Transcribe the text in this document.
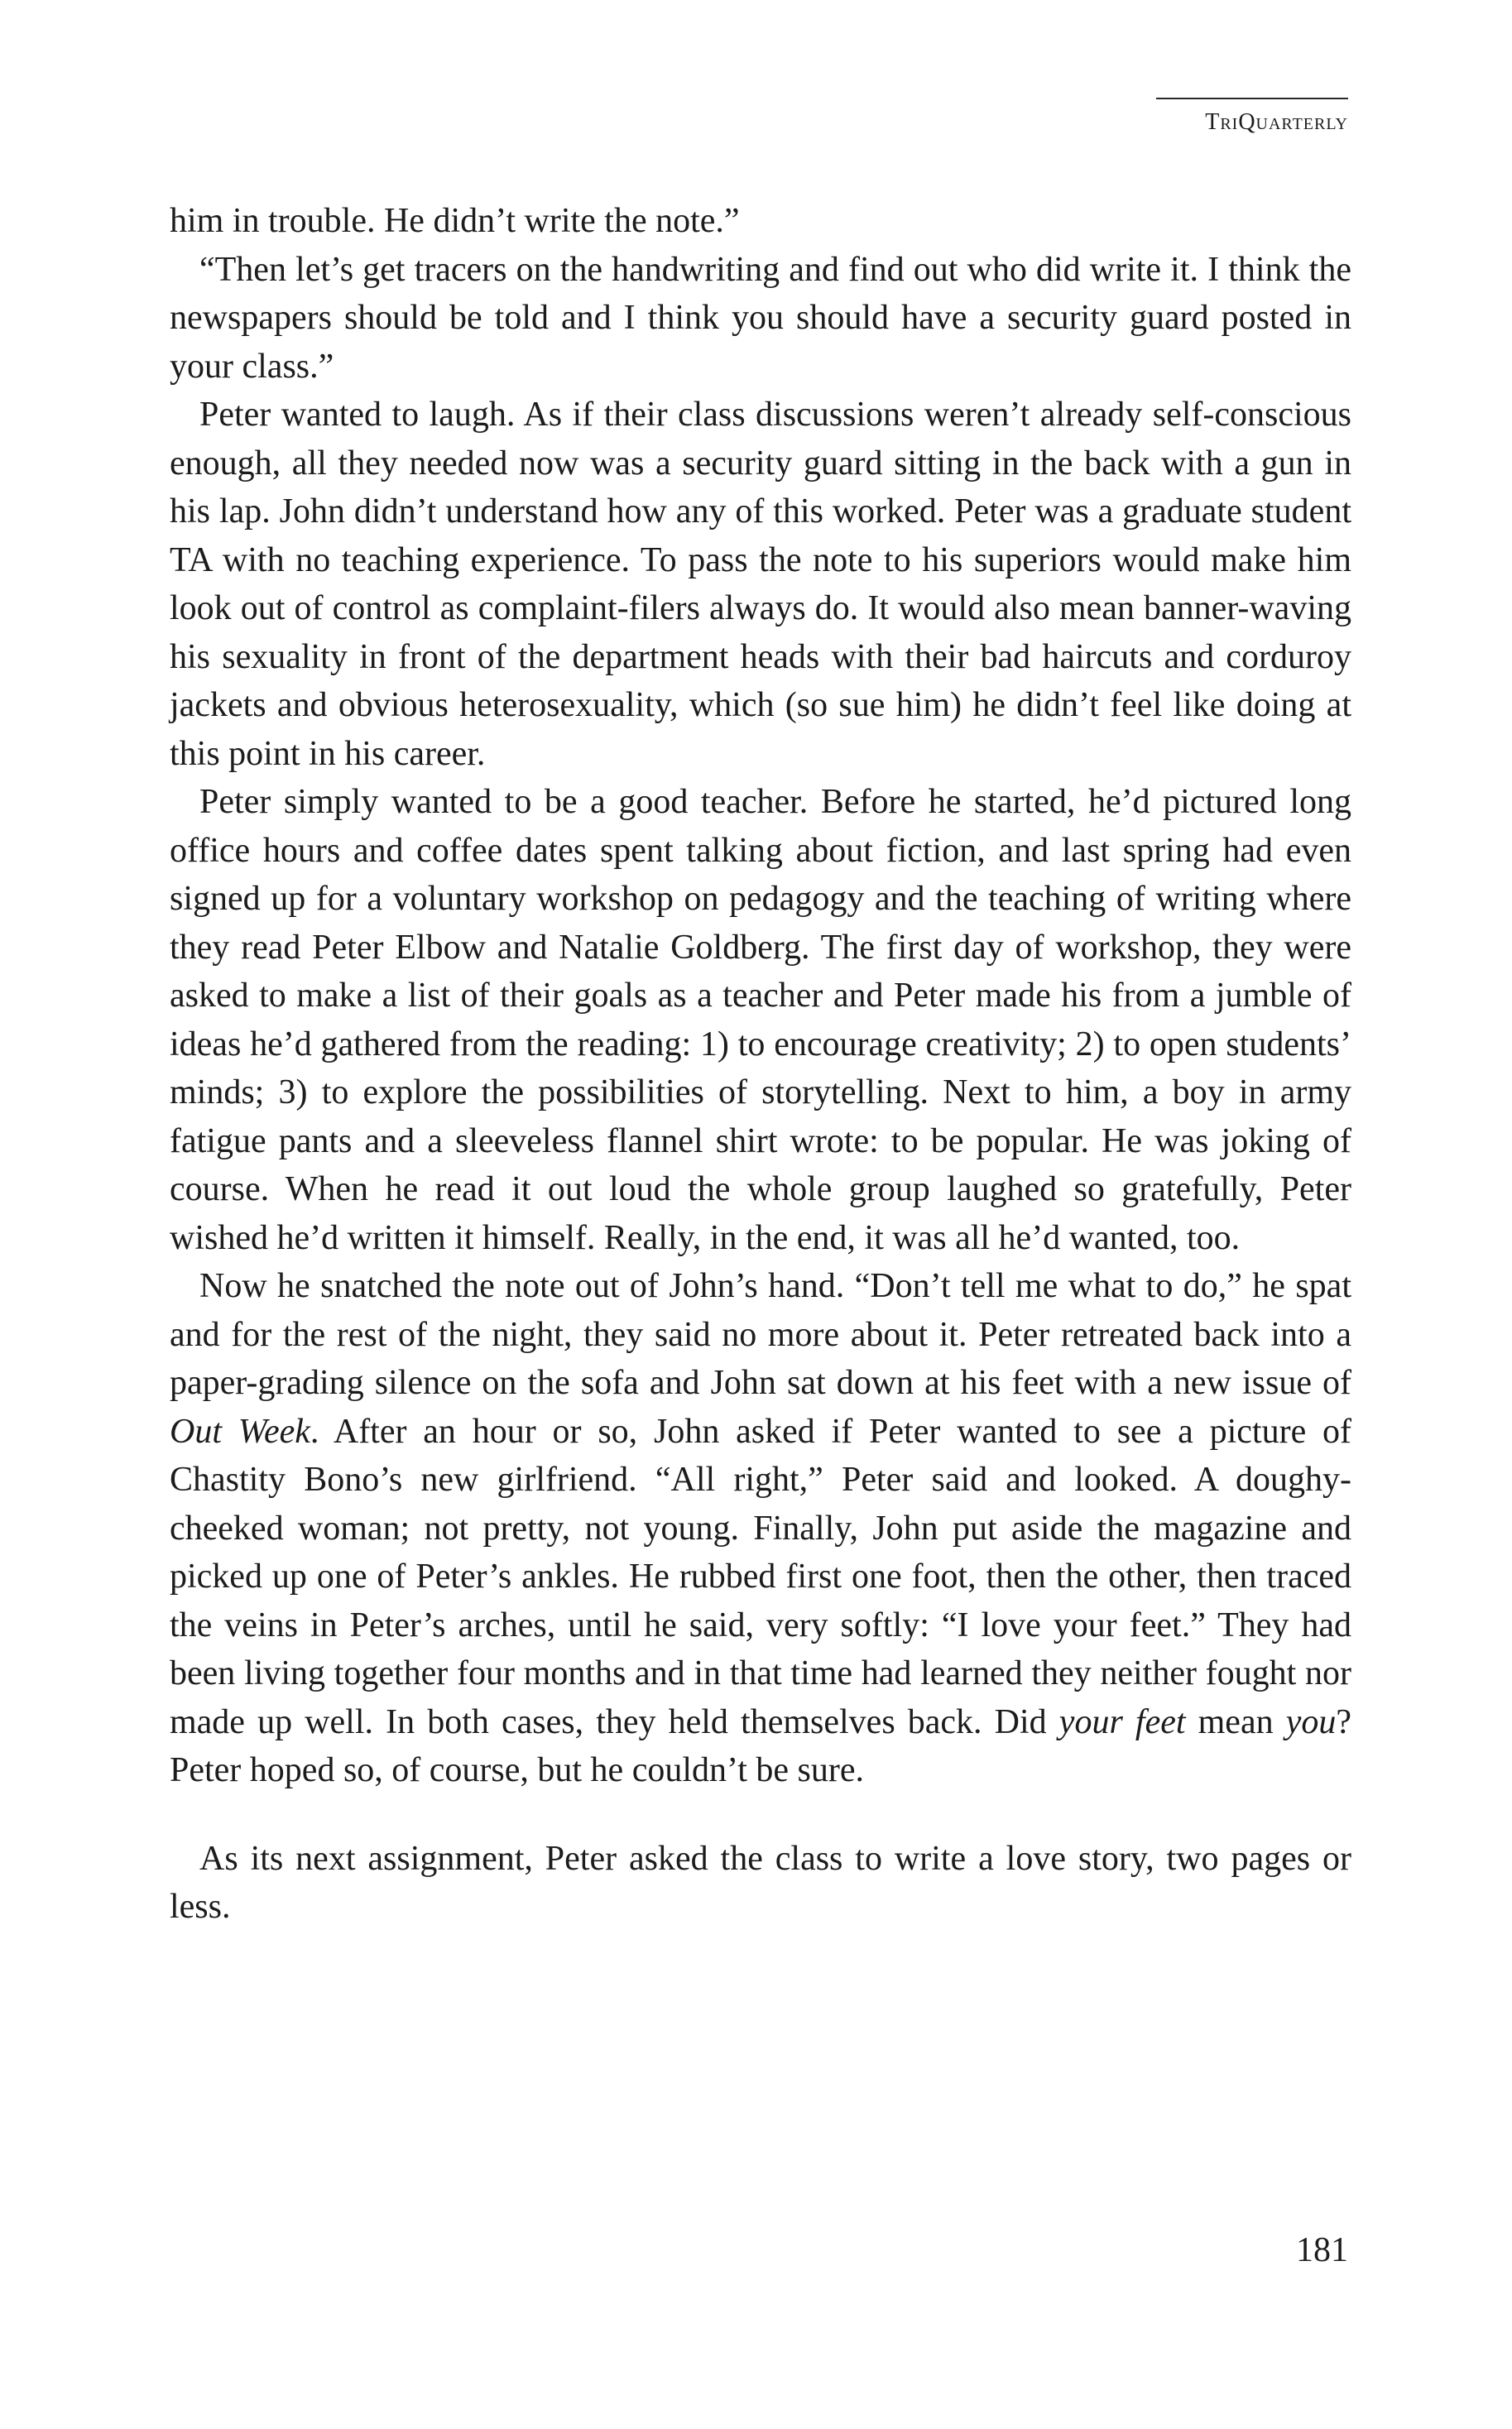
TriQuarterly

him in trouble. He didn’t write the note.”

“Then let’s get tracers on the handwriting and find out who did write it. I think the newspapers should be told and I think you should have a security guard posted in your class.”

Peter wanted to laugh. As if their class discussions weren’t already self-conscious enough, all they needed now was a security guard sitting in the back with a gun in his lap. John didn’t understand how any of this worked. Peter was a graduate student TA with no teaching experience. To pass the note to his superiors would make him look out of control as complaint-filers always do. It would also mean banner-waving his sexuality in front of the department heads with their bad haircuts and corduroy jackets and obvious heterosexuality, which (so sue him) he didn’t feel like doing at this point in his career.

Peter simply wanted to be a good teacher. Before he started, he’d pictured long office hours and coffee dates spent talking about fiction, and last spring had even signed up for a voluntary workshop on pedagogy and the teaching of writing where they read Peter Elbow and Natalie Goldberg. The first day of workshop, they were asked to make a list of their goals as a teacher and Peter made his from a jumble of ideas he’d gathered from the reading: 1) to encourage creativity; 2) to open students’ minds; 3) to explore the possibilities of storytelling. Next to him, a boy in army fatigue pants and a sleeveless flannel shirt wrote: to be popular. He was joking of course. When he read it out loud the whole group laughed so gratefully, Peter wished he’d written it himself. Really, in the end, it was all he’d wanted, too.

Now he snatched the note out of John’s hand. “Don’t tell me what to do,” he spat and for the rest of the night, they said no more about it. Peter retreated back into a paper-grading silence on the sofa and John sat down at his feet with a new issue of Out Week. After an hour or so, John asked if Peter wanted to see a picture of Chastity Bono’s new girlfriend. “All right,” Peter said and looked. A doughy-cheeked woman; not pretty, not young. Finally, John put aside the magazine and picked up one of Peter’s ankles. He rubbed first one foot, then the other, then traced the veins in Peter’s arches, until he said, very softly: “I love your feet.” They had been living together four months and in that time had learned they neither fought nor made up well. In both cases, they held themselves back. Did your feet mean you? Peter hoped so, of course, but he couldn’t be sure.

As its next assignment, Peter asked the class to write a love story, two pages or less.

181
